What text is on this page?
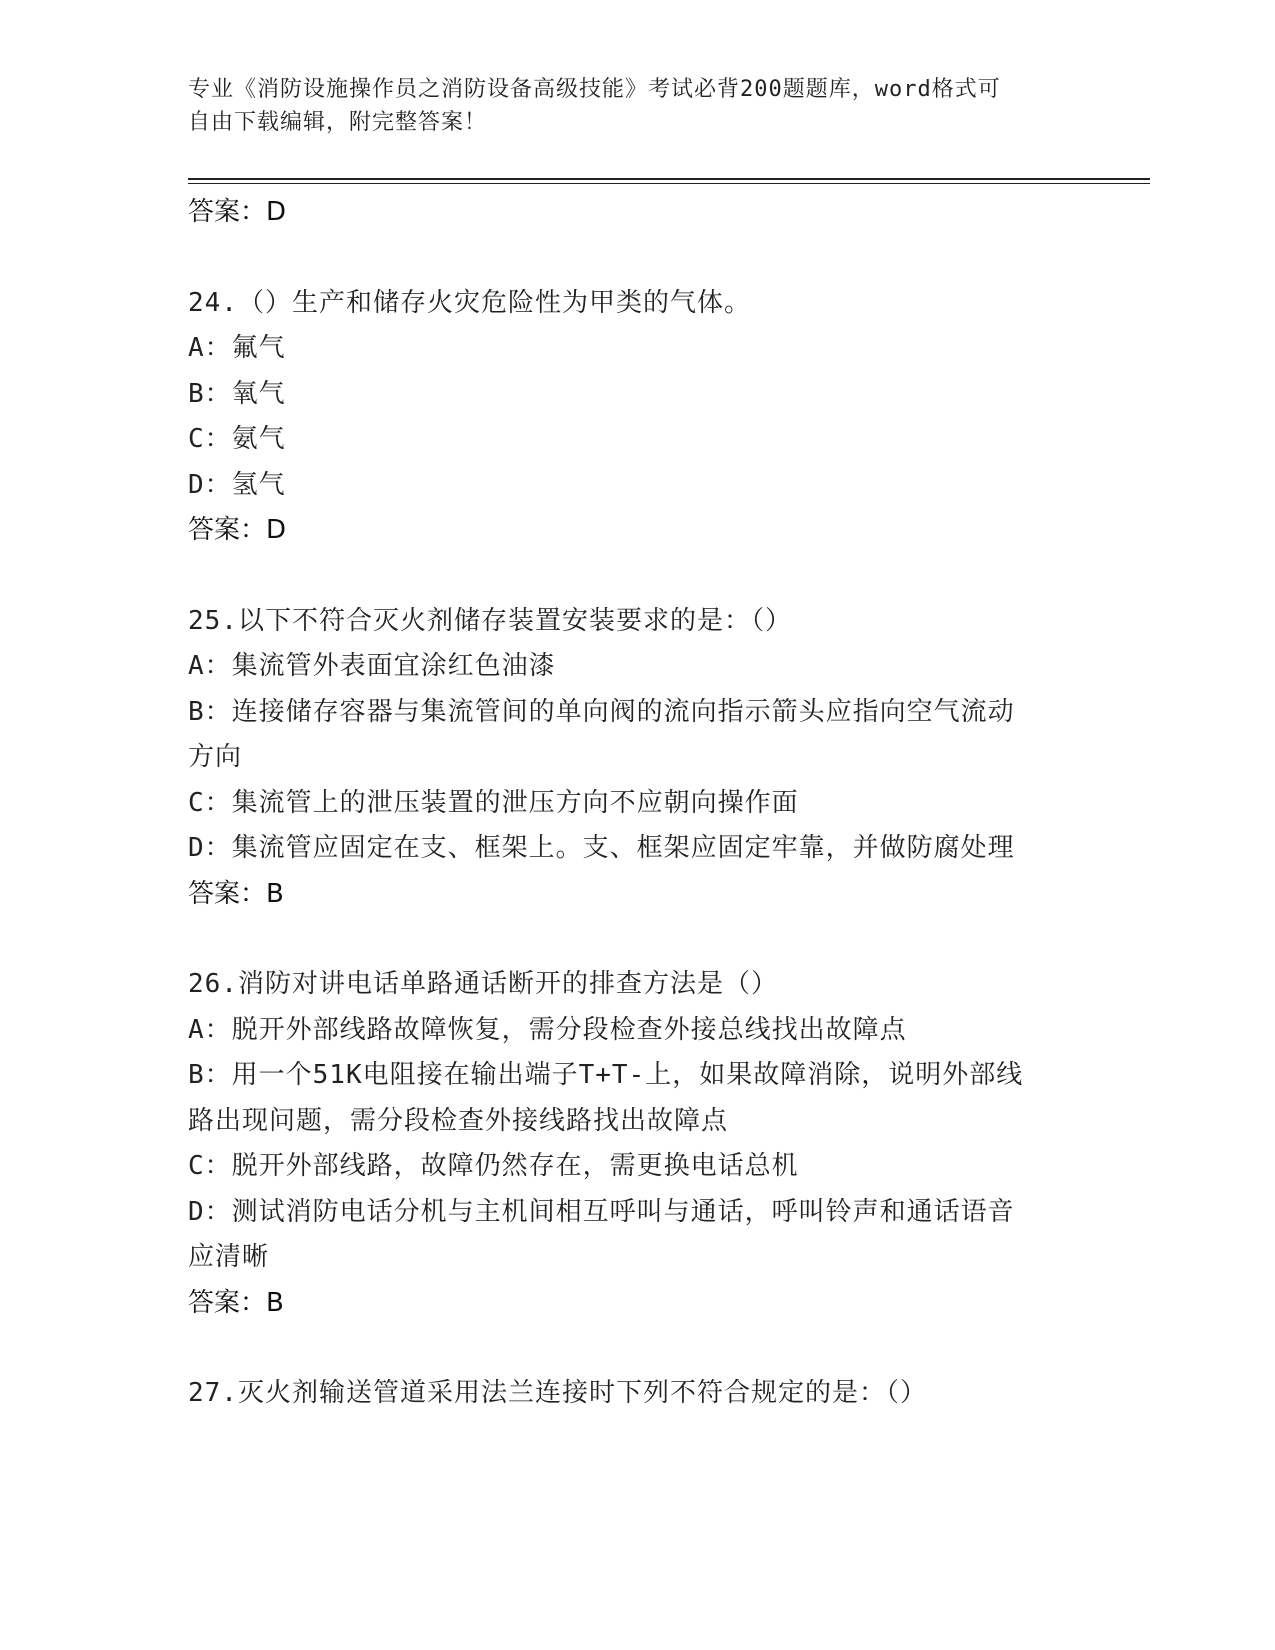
专业《消防设施操作员之消防设备高级技能》考试必背200题题库，word格式可
自由下载编辑，附完整答案！

答案：D

24.（）生产和储存火灾危险性为甲类的气体。

A：氟气

B：氧气

C：氨气

D：氢气

答案：D

25.以下不符合灭火剂储存装置安装要求的是：（）

A：集流管外表面宜涂红色油漆

B：连接储存容器与集流管间的单向阀的流向指示箭头应指向空气流动

方向

C：集流管上的泄压装置的泄压方向不应朝向操作面

D：集流管应固定在支、框架上。支、框架应固定牢靠，并做防腐处理

答案：B

26.消防对讲电话单路通话断开的排查方法是（）

A：脱开外部线路故障恢复，需分段检查外接总线找出故障点

B：用一个51K电阻接在输出端子T+T-上，如果故障消除，说明外部线

路出现问题，需分段检查外接线路找出故障点

C：脱开外部线路，故障仍然存在，需更换电话总机

D：测试消防电话分机与主机间相互呼叫与通话，呼叫铃声和通话语音

应清晰

答案：B

27.灭火剂输送管道采用法兰连接时下列不符合规定的是：（）
